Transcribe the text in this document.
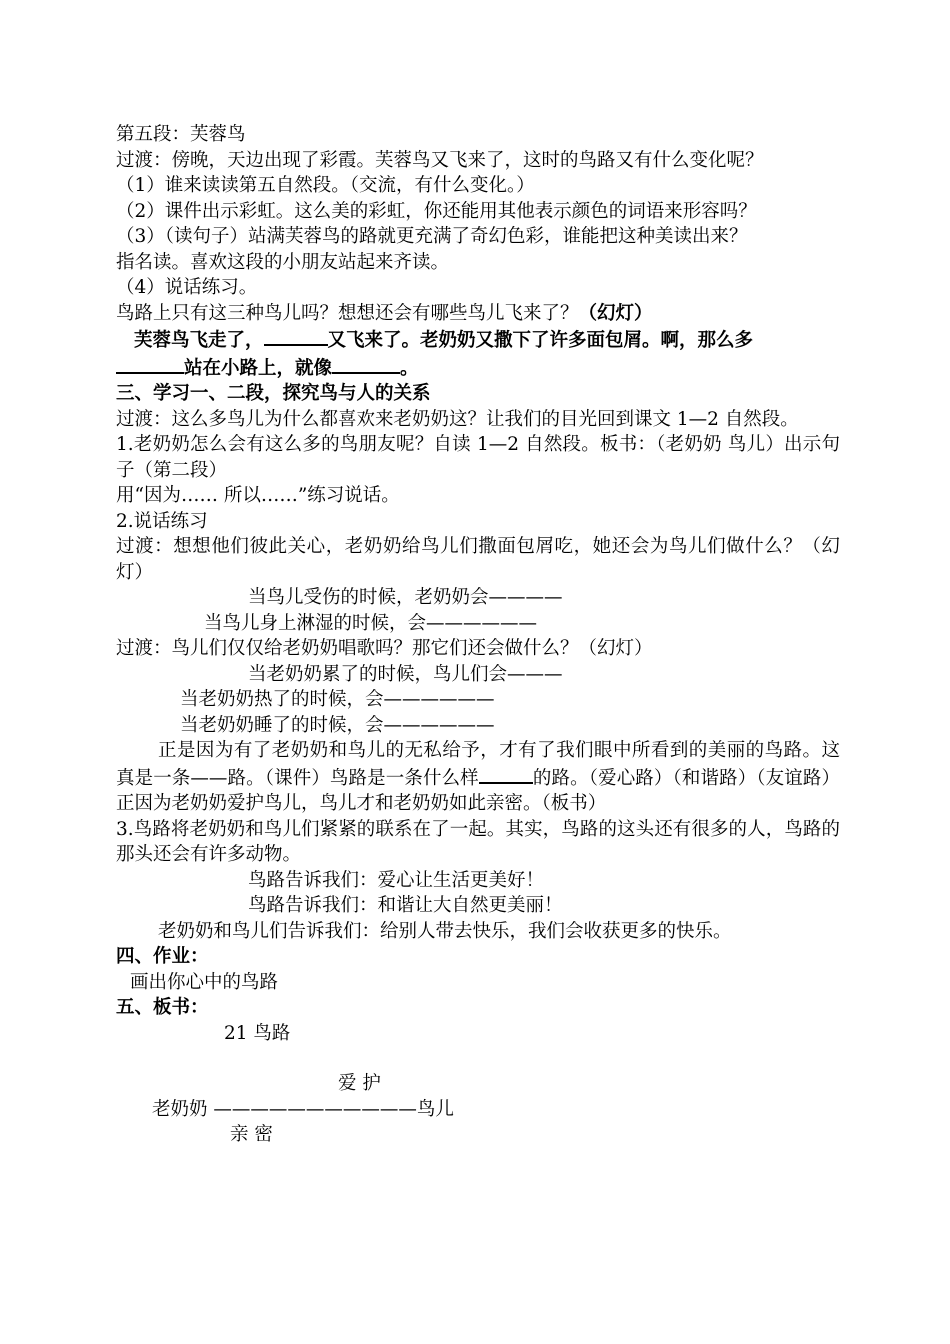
第五段：芙蓉鸟
过渡：傍晚，天边出现了彩霞。芙蓉鸟又飞来了，这时的鸟路又有什么变化呢？
（1）谁来读读第五自然段。（交流，有什么变化。）
（2）课件出示彩虹。这么美的彩虹，你还能用其他表示颜色的词语来形容吗？
（3）（读句子）站满芙蓉鸟的路就更充满了奇幻色彩，谁能把这种美读出来？
指名读。喜欢这段的小朋友站起来齐读。
（4）说话练习。
鸟路上只有这三种鸟儿吗？想想还会有哪些鸟儿飞来了？（幻灯）
芙蓉鸟飞走了，	又飞来了。老奶奶又撒下了许多面包屑。啊，那么多
站在小路上，就像	。
三、学习一、二段，探究鸟与人的关系
过渡：这么多鸟儿为什么都喜欢来老奶奶这？让我们的目光回到课文 1—2 自然段。
1.老奶奶怎么会有这么多的鸟朋友呢？自读 1—2 自然段。板书：（老奶奶 鸟儿）出示句子（第二段）
用“因为…… 所以……”练习说话。
2.说话练习
过渡：想想他们彼此关心，老奶奶给鸟儿们撒面包屑吃，她还会为鸟儿们做什么？（幻灯）
当鸟儿受伤的时候，老奶奶会————
当鸟儿身上淋湿的时候，会——————
过渡：鸟儿们仅仅给老奶奶唱歌吗？那它们还会做什么？（幻灯）
当老奶奶累了的时候，鸟儿们会———
当老奶奶热了的时候，会——————
当老奶奶睡了的时候，会——————
正是因为有了老奶奶和鸟儿的无私给予，才有了我们眼中所看到的美丽的鸟路。这真是一条——路。（课件）鸟路是一条什么样	的路。（爱心路）（和谐路）（友谊路）正因为老奶奶爱护鸟儿，鸟儿才和老奶奶如此亲密。（板书）
3.鸟路将老奶奶和鸟儿们紧紧的联系在了一起。其实，鸟路的这头还有很多的人，鸟路的那头还会有许多动物。
鸟路告诉我们：爱心让生活更美好！
鸟路告诉我们：和谐让大自然更美丽！
老奶奶和鸟儿们告诉我们：给别人带去快乐，我们会收获更多的快乐。
四、作业：
画出你心中的鸟路
五、板书：
21 鸟路
爱 护
老奶奶 ———————————鸟儿
亲 密
